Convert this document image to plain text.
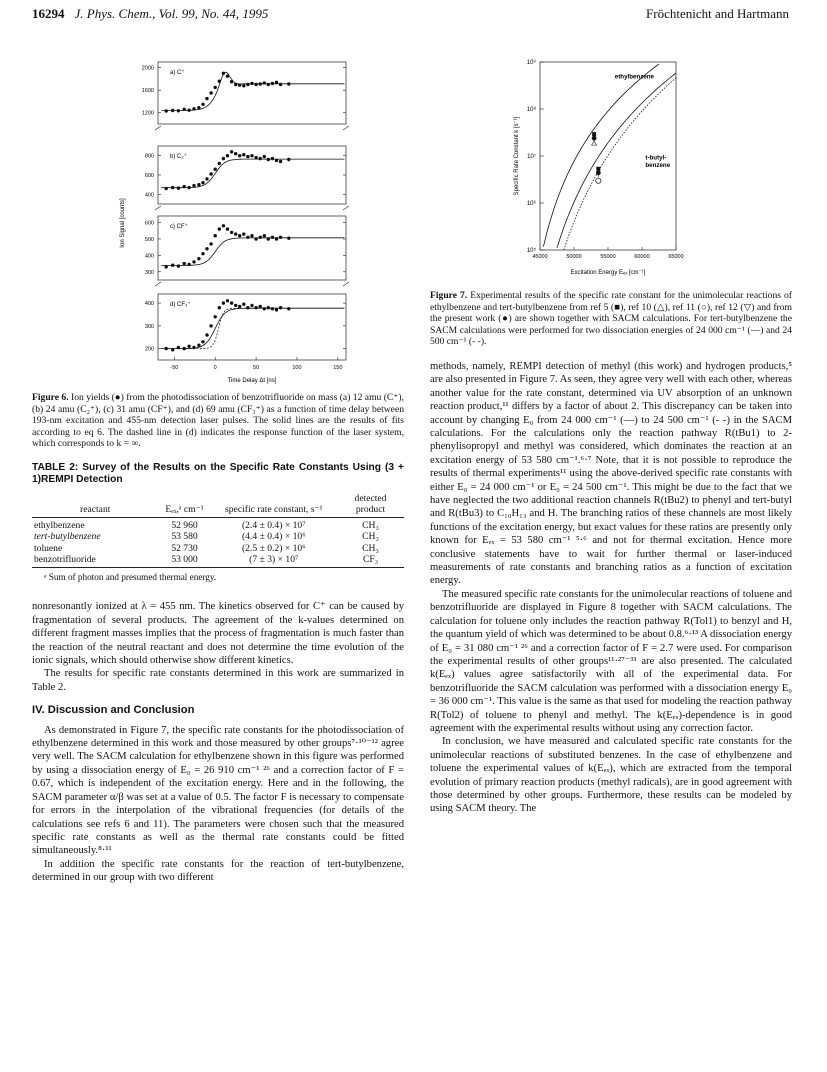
16294 J. Phys. Chem., Vol. 99, No. 44, 1995	Fröchtenicht and Hartmann
a) C⁺
2000
1600
1200
b) C₂⁺
800
600
400
c) CF⁺
600
500
400
300
d) CF₃⁺
400
300
200
-50	0	50	100	150
Time Delay Δt [ns]
Ion Signal [counts]
Figure 6. Ion yields (●) from the photodissociation of benzotrifluoride on mass (a) 12 amu (C⁺), (b) 24 amu (C₂⁺), (c) 31 amu (CF⁺), and (d) 69 amu (CF₃⁺) as a function of time delay between 193-nm excitation and 455-nm detection laser pulses. The solid lines are the results of fits according to eq 6. The dashed line in (d) indicates the response function of the laser system, which corresponds to k = ∞.
TABLE 2: Survey of the Results on the Specific Rate Constants Using (3 + 1)REMPI Detection
reactant	Eₑₓ,ᵃ cm⁻¹	specific rate constant, s⁻¹	detected product
ethylbenzene	52 960	(2.4 ± 0.4) × 10⁷	CH₃
tert-butylbenzene	53 580	(4.4 ± 0.4) × 10⁶	CH₃
toluene	52 730	(2.5 ± 0.2) × 10⁶	CH₃
benzotrifluoride	53 000	(7 ± 3) × 10⁷	CF₃
ᵃ Sum of photon and presumed thermal energy.

nonresonantly ionized at λ = 455 nm. The kinetics observed for C⁺ can be caused by fragmentation of several products. The agreement of the k-values determined on different fragment masses implies that the process of fragmentation is much faster than the reaction of the neutral reactant and does not determine the time evolution of the ionic signals, which should otherwise show different kinetics.

The results for specific rate constants determined in this work are summarized in Table 2.

IV. Discussion and Conclusion

As demonstrated in Figure 7, the specific rate constants for the photodissociation of ethylbenzene determined in this work and those measured by other groups⁷·¹⁰⁻¹² agree very well. The SACM calculation for ethylbenzene shown in this figure was performed by using a dissociation energy of E₀ = 26 910 cm⁻¹ ²⁶ and a correction factor of F = 0.67, which is independent of the excitation energy. Here and in the following, the SACM parameter α/β was set at a value of 0.5. The factor F is necessary to compensate for errors in the interpolation of the vibrational frequencies (for details of the calculations see refs 6 and 11). The parameters were chosen such that the measured specific rate constants as well as the thermal rate constants could be fitted simultaneously.⁸·¹¹

In addition the specific rate constants for the reaction of tert-butylbenzene, determined in our group with two different

10⁵
10⁶
10⁷
10⁸
10⁹
45000	50000	55000	60000	65000
Excitation Energy Eₑₓ [cm⁻¹]
Specific Rate Constant k [s⁻¹]
ethylbenzene
t-butyl-
benzene
Figure 7. Experimental results of the specific rate constant for the unimolecular reactions of ethylbenzene and tert-butylbenzene from ref 5 (■), ref 10 (△), ref 11 (○), ref 12 (▽) and from the present work (●) are shown together with SACM calculations. For tert-butylbenzene the SACM calculations were performed for two dissociation energies of 24 000 cm⁻¹ (—) and 24 500 cm⁻¹ (- -).

methods, namely, REMPI detection of methyl (this work) and hydrogen products,⁵ are also presented in Figure 7. As seen, they agree very well with each other, whereas another value for the rate constant, determined via UV absorption of an unknown reaction product,¹¹ differs by a factor of about 2. This discrepancy can be taken into account by changing E₀ from 24 000 cm⁻¹ (—) to 24 500 cm⁻¹ (- -) in the SACM calculations. For the calculations only the reaction pathway R(tBu1) to 2-phenylisopropyl and methyl was considered, which dominates the reaction at an excitation energy of 53 580 cm⁻¹.⁶·⁷ Note, that it is not possible to reproduce the results of thermal experiments¹¹ using the above-derived specific rate constants with either E₀ = 24 000 cm⁻¹ or E₀ = 24 500 cm⁻¹. This might be due to the fact that we have neglected the two additional reaction channels R(tBu2) to phenyl and tert-butyl and R(tBu3) to C₁₀H₁₃ and H. The branching ratios of these channels are most likely functions of the excitation energy, but exact values for these ratios are presently only known for Eₑₓ = 53 580 cm⁻¹ ⁵·⁶ and not for thermal excitation. Hence more conclusive statements have to wait for further thermal or laser-induced measurements of rate constants and branching ratios as a function of excitation energy.

The measured specific rate constants for the unimolecular reactions of toluene and benzotrifluoride are displayed in Figure 8 together with SACM calculations. The calculation for toluene only includes the reaction pathway R(Tol1) to benzyl and H, the quantum yield of which was determined to be about 0.8.⁶·¹³ A dissociation energy of E₀ = 31 080 cm⁻¹ ²⁶ and a correction factor of F = 2.7 were used. For comparison the experimental results of other groups¹¹·²⁷⁻³¹ are also presented. The calculated k(Eₑₓ) values agree satisfactorily with all of the experimental data. For benzotrifluoride the SACM calculation was performed with a dissociation energy E₀ = 36 000 cm⁻¹. This value is the same as that used for modeling the reaction pathway R(Tol2) of toluene to phenyl and methyl. The k(Eₑₓ)-dependence is in good agreement with the experimental results without using any correction factor.

In conclusion, we have measured and calculated specific rate constants for the unimolecular reactions of substituted benzenes. In the case of ethylbenzene and toluene the experimental values of k(Eₑₓ), which are extracted from the temporal evolution of primary reaction products (methyl radicals), are in good agreement with those determined by other groups. Furthermore, these results can be modeled by using SACM theory. The
